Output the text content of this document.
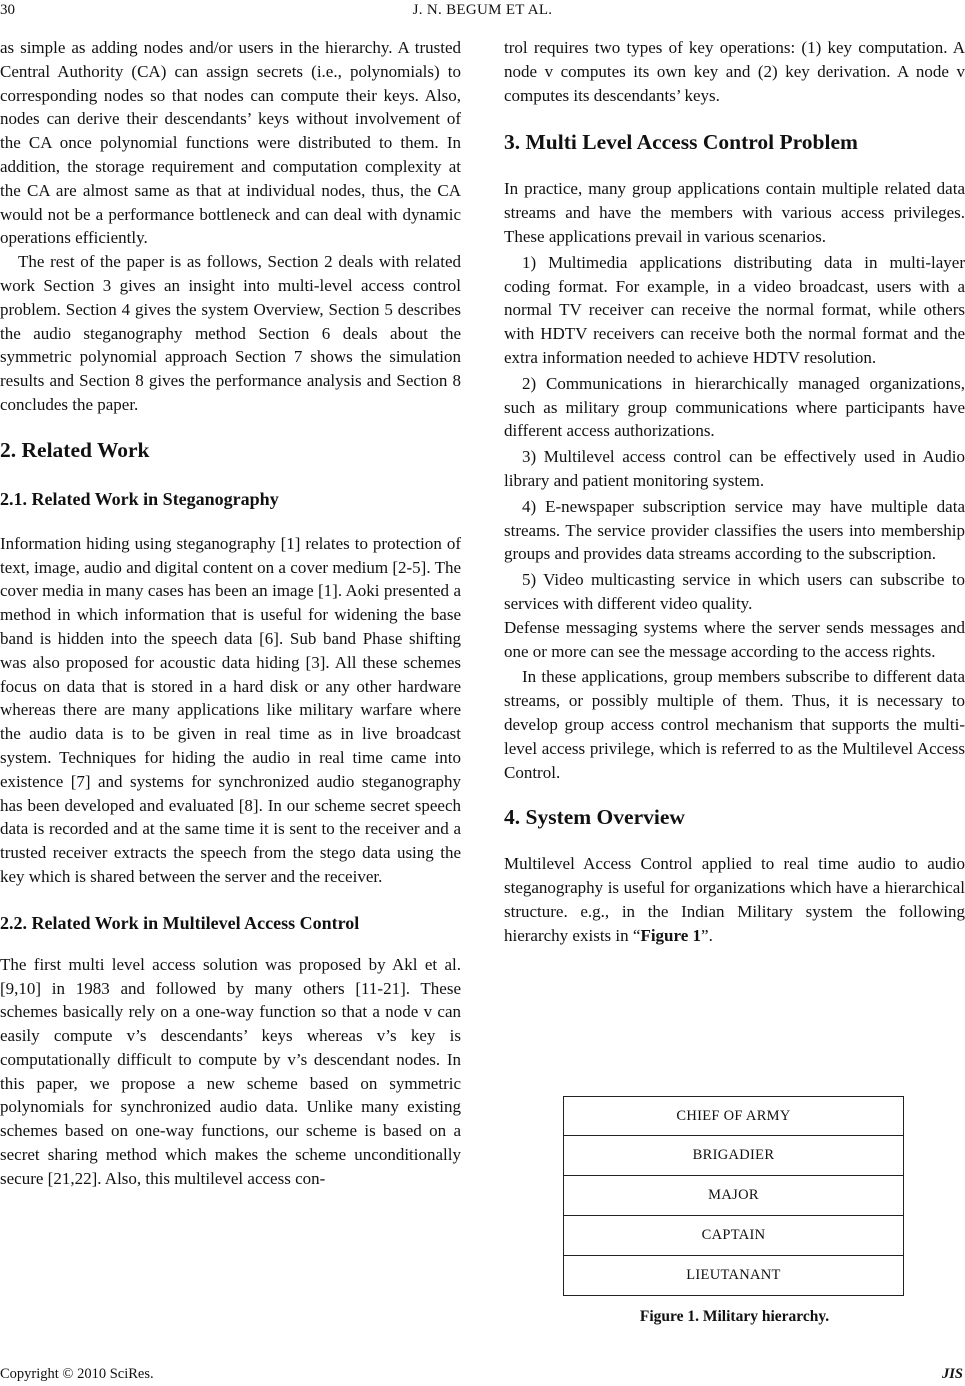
30	J. N. BEGUM ET AL.

as simple as adding nodes and/or users in the hierarchy. A trusted Central Authority (CA) can assign secrets (i.e., polynomials) to corresponding nodes so that nodes can compute their keys. Also, nodes can derive their descendants’ keys without involvement of the CA once polynomial functions were distributed to them. In addition, the storage requirement and computation complexity at the CA are almost same as that at individual nodes, thus, the CA would not be a performance bottleneck and can deal with dynamic operations efficiently.

The rest of the paper is as follows, Section 2 deals with related work Section 3 gives an insight into multi-level access control problem. Section 4 gives the system Overview, Section 5 describes the audio steganography method Section 6 deals about the symmetric polynomial approach Section 7 shows the simulation results and Section 8 gives the performance analysis and Section 8 concludes the paper.

2. Related Work
2.1. Related Work in Steganography

Information hiding using steganography [1] relates to protection of text, image, audio and digital content on a cover medium [2-5]. The cover media in many cases has been an image [1]. Aoki presented a method in which information that is useful for widening the base band is hidden into the speech data [6]. Sub band Phase shifting was also proposed for acoustic data hiding [3]. All these schemes focus on data that is stored in a hard disk or any other hardware whereas there are many applications like military warfare where the audio data is to be given in real time as in live broadcast system. Techniques for hiding the audio in real time came into existence [7] and systems for synchronized audio steganography has been developed and evaluated [8]. In our scheme secret speech data is recorded and at the same time it is sent to the receiver and a trusted receiver extracts the speech from the stego data using the key which is shared between the server and the receiver.

2.2. Related Work in Multilevel Access Control

The first multi level access solution was proposed by Akl et al. [9,10] in 1983 and followed by many others [11-21]. These schemes basically rely on a one-way function so that a node v can easily compute v’s descendants’ keys whereas v’s key is computationally difficult to compute by v’s descendant nodes. In this paper, we propose a new scheme based on symmetric polynomials for synchronized audio data. Unlike many existing schemes based on one-way functions, our scheme is based on a secret sharing method which makes the scheme unconditionally secure [21,22]. Also, this multilevel access con-

trol requires two types of key operations: (1) key computation. A node v computes its own key and (2) key derivation. A node v computes its descendants’ keys.

3. Multi Level Access Control Problem

In practice, many group applications contain multiple related data streams and have the members with various access privileges. These applications prevail in various scenarios.

1) Multimedia applications distributing data in multi-layer coding format. For example, in a video broadcast, users with a normal TV receiver can receive the normal format, while others with HDTV receivers can receive both the normal format and the extra information needed to achieve HDTV resolution.

2) Communications in hierarchically managed organizations, such as military group communications where participants have different access authorizations.

3) Multilevel access control can be effectively used in Audio library and patient monitoring system.

4) E-newspaper subscription service may have multiple data streams. The service provider classifies the users into membership groups and provides data streams according to the subscription.

5) Video multicasting service in which users can subscribe to services with different video quality.

Defense messaging systems where the server sends messages and one or more can see the message according to the access rights.

In these applications, group members subscribe to different data streams, or possibly multiple of them. Thus, it is necessary to develop group access control mechanism that supports the multi-level access privilege, which is referred to as the Multilevel Access Control.

4. System Overview

Multilevel Access Control applied to real time audio to audio steganography is useful for organizations which have a hierarchical structure. e.g., in the Indian Military system the following hierarchy exists in “Figure 1”.

CHIEF OF ARMY
BRIGADIER
MAJOR
CAPTAIN
LIEUTANANT
Figure 1. Military hierarchy.
Copyright © 2010 SciRes.	JIS
